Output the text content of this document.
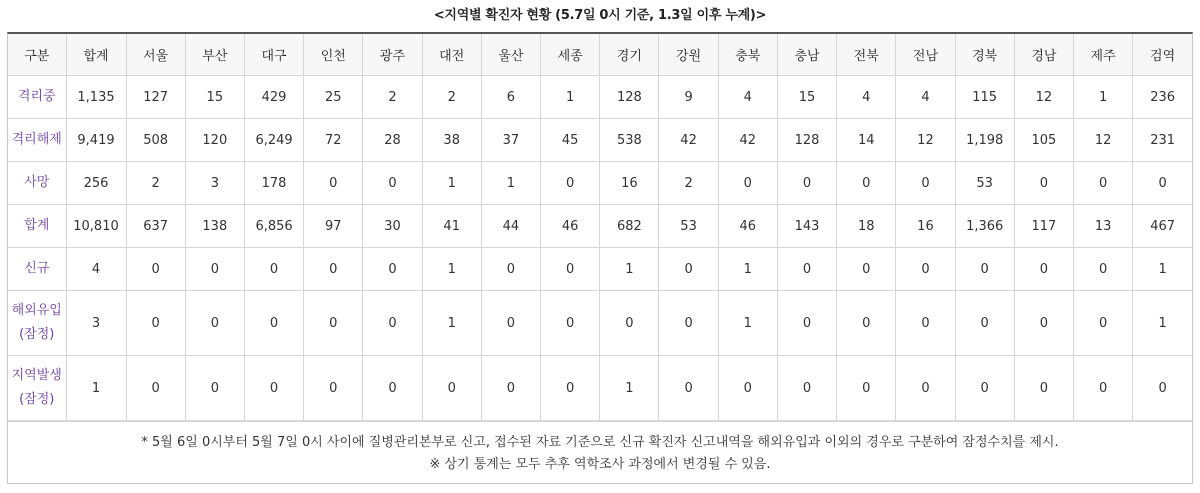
<지역별 확진자 현황 (5.7일 0시 기준, 1.3일 이후 누계)>
구분	합계	서울	부산	대구	인천	광주	대전	울산	세종	경기	강원	충북	충남	전북	전남	경북	경남	제주	검역
격리중	1,135	127	15	429	25	2	2	6	1	128	9	4	15	4	4	115	12	1	236
격리해제	9,419	508	120	6,249	72	28	38	37	45	538	42	42	128	14	12	1,198	105	12	231
사망	256	2	3	178	0	0	1	1	0	16	2	0	0	0	0	53	0	0	0
합계	10,810	637	138	6,856	97	30	41	44	46	682	53	46	143	18	16	1,366	117	13	467
신규	4	0	0	0	0	0	1	0	0	1	0	1	0	0	0	0	0	0	1
해외유입 (잠정)	3	0	0	0	0	0	1	0	0	0	0	1	0	0	0	0	0	0	1
지역발생 (잠정)	1	0	0	0	0	0	0	0	0	1	0	0	0	0	0	0	0	0	0
* 5월 6일 0시부터 5월 7일 0시 사이에 질병관리본부로 신고, 접수된 자료 기준으로 신규 확진자 신고내역을 해외유입과 이외의 경우로 구분하여 잠정수치를 제시.
※ 상기 통계는 모두 추후 역학조사 과정에서 변경될 수 있음.
